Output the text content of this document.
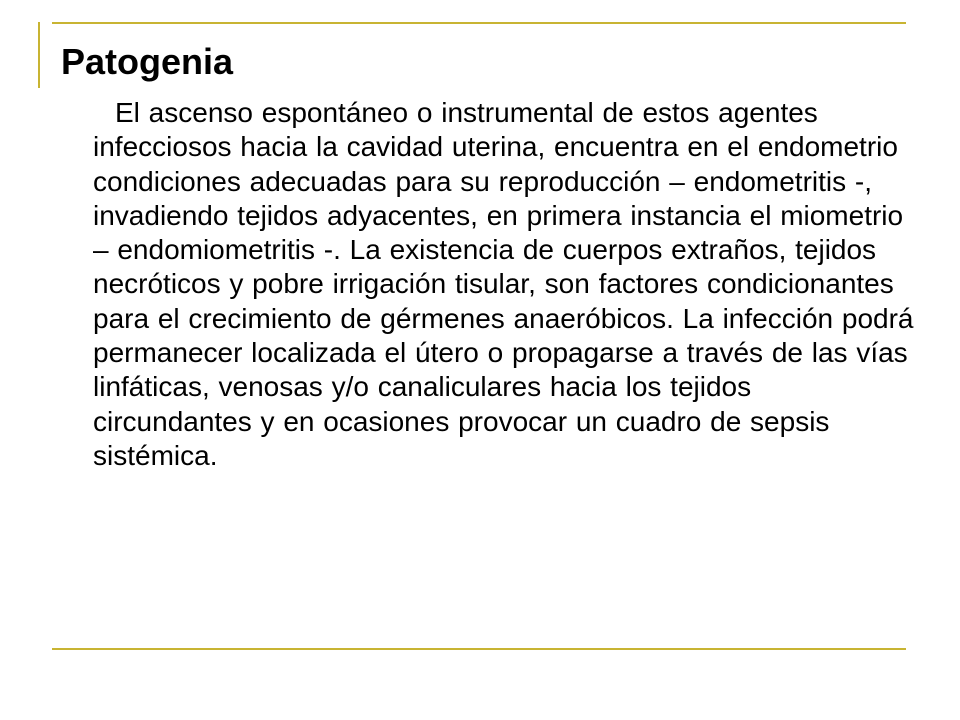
Patogenia

El ascenso espontáneo o instrumental de estos agentes infecciosos hacia la cavidad uterina, encuentra en el endometrio condiciones adecuadas para su reproducción – endometritis -, invadiendo tejidos adyacentes, en primera instancia el miometrio – endomiometritis -. La existencia de cuerpos extraños, tejidos necróticos y pobre irrigación tisular, son factores condicionantes para el crecimiento de gérmenes anaeróbicos. La infección podrá permanecer localizada el útero o propagarse a través de las vías linfáticas, venosas y/o canaliculares hacia los tejidos circundantes y en ocasiones provocar un cuadro de sepsis sistémica.
